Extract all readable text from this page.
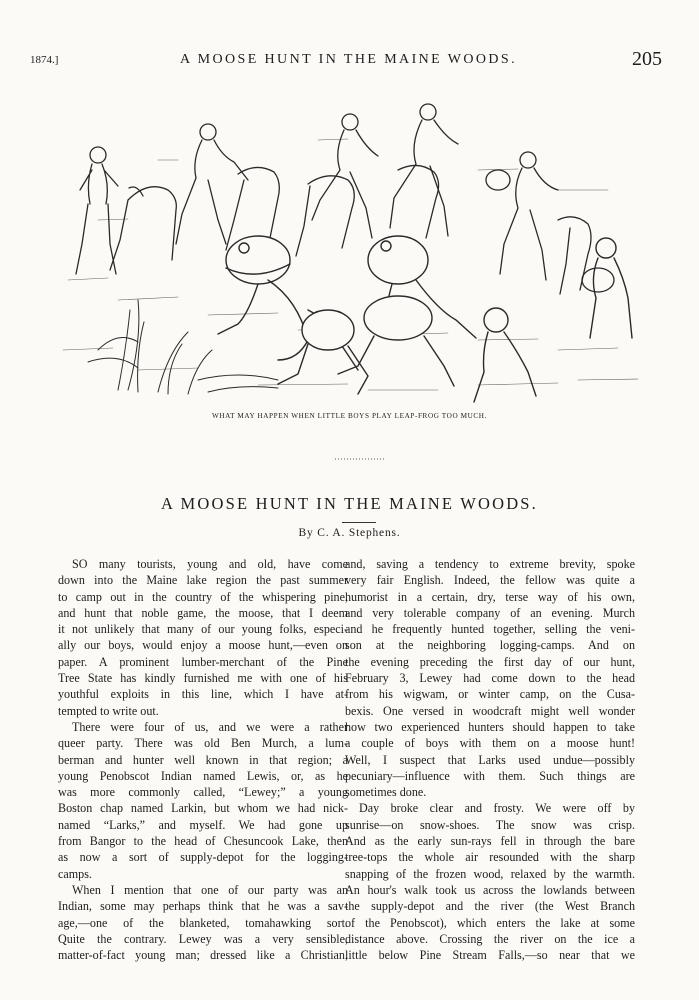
1874.]	A MOOSE HUNT IN THE MAINE WOODS.	205
WHAT MAY HAPPEN WHEN LITTLE BOYS PLAY LEAP-FROG TOO MUCH.
A MOOSE HUNT IN THE MAINE WOODS.
By C. A. Stephens.
SO many tourists, young and old, have come
down into the Maine lake region the past summer
to camp out in the country of the whispering pine,
and hunt that noble game, the moose, that I deem
it not unlikely that many of our young folks, especi-
ally our boys, would enjoy a moose hunt,—even on
paper. A prominent lumber-merchant of the Pine
Tree State has kindly furnished me with one of his
youthful exploits in this line, which I have at-
tempted to write out.
There were four of us, and we were a rather
queer party. There was old Ben Murch, a lum-
berman and hunter well known in that region; a
young Penobscot Indian named Lewis, or, as he
was more commonly called, “Lewey;” a young
Boston chap named Larkin, but whom we had nick-
named “Larks,” and myself. We had gone up
from Bangor to the head of Chesuncook Lake, then
as now a sort of supply-depot for the logging-
camps.
When I mention that one of our party was an
Indian, some may perhaps think that he was a sav-
age,—one of the blanketed, tomahawking sort.
Quite the contrary. Lewey was a very sensible,
matter-of-fact young man; dressed like a Christian,
and, saving a tendency to extreme brevity, spoke
very fair English. Indeed, the fellow was quite a
humorist in a certain, dry, terse way of his own,
and very tolerable company of an evening. Murch
and he frequently hunted together, selling the veni-
son at the neighboring logging-camps. And on
the evening preceding the first day of our hunt,
February 3, Lewey had come down to the head
from his wigwam, or winter camp, on the Cusa-
bexis. One versed in woodcraft might well wonder
how two experienced hunters should happen to take
a couple of boys with them on a moose hunt!
Well, I suspect that Larks used undue—possibly
pecuniary—influence with them. Such things are
sometimes done.
Day broke clear and frosty. We were off by
sunrise—on snow-shoes. The snow was crisp.
And as the early sun-rays fell in through the bare
tree-tops the whole air resounded with the sharp
snapping of the frozen wood, relaxed by the warmth.
An hour's walk took us across the lowlands between
the supply-depot and the river (the West Branch
of the Penobscot), which enters the lake at some
distance above. Crossing the river on the ice a
little below Pine Stream Falls,—so near that we
